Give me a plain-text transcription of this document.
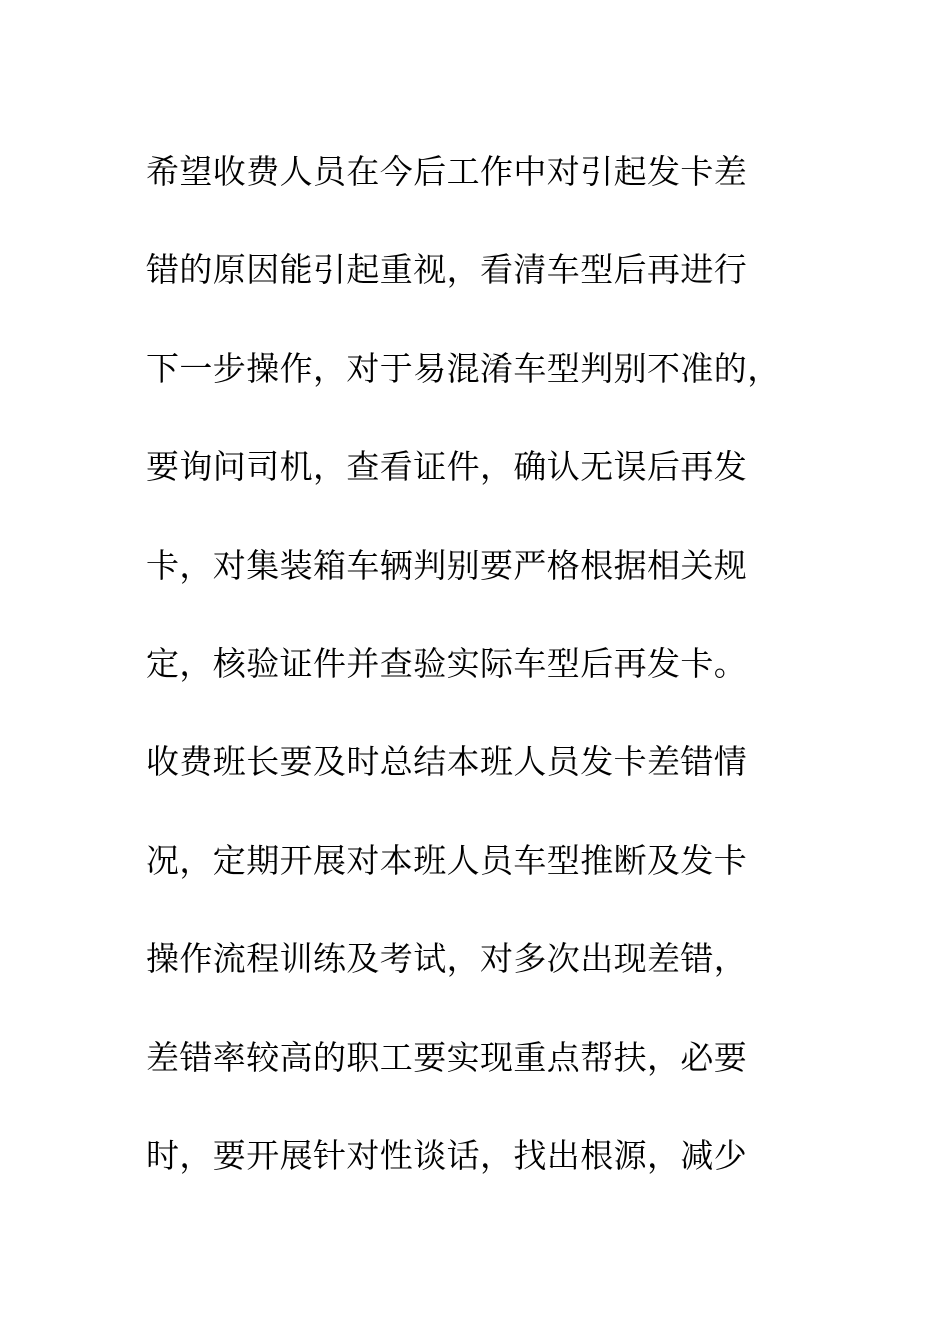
希望收费人员在今后工作中对引起发卡差
错的原因能引起重视，看清车型后再进行
下一步操作，对于易混淆车型判别不准的，
要询问司机，查看证件，确认无误后再发
卡，对集装箱车辆判别要严格根据相关规
定，核验证件并查验实际车型后再发卡。
收费班长要及时总结本班人员发卡差错情
况，定期开展对本班人员车型推断及发卡
操作流程训练及考试，对多次出现差错，
差错率较高的职工要实现重点帮扶，必要
时，要开展针对性谈话，找出根源，减少
